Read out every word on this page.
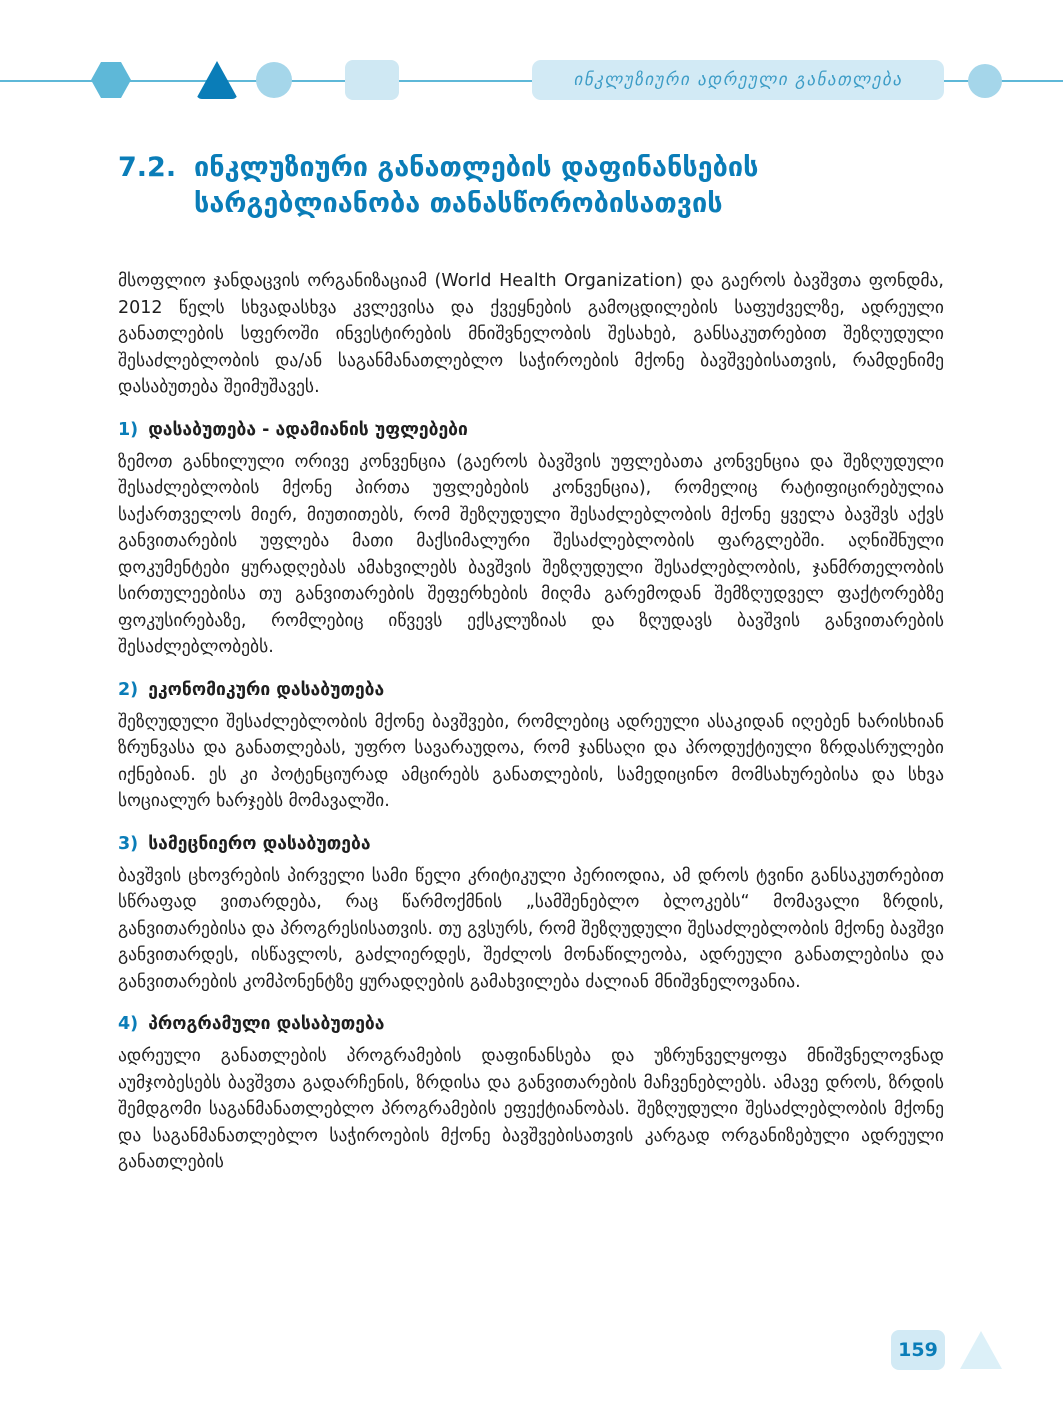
ინკლუზიური ადრეული განათლება
7.2. ინკლუზიური განათლების დაფინანსების
სარგებლიანობა თანასწორობისათვის

მსოფლიო ჯანდაცვის ორგანიზაციამ (World Health Organization) და გაეროს ბავშვთა ფონდმა, 2012 წელს სხვადასხვა კვლევისა და ქვეყნების გამოცდილების საფუძველზე, ადრეული განათლების სფეროში ინვესტირების მნიშვნელობის შესახებ, განსაკუთრებით შეზღუდული შესაძლებლობის და/ან საგანმანათლებლო საჭიროების მქონე ბავშვებისათვის, რამდენიმე დასაბუთება შეიმუშავეს.

1) დასაბუთება - ადამიანის უფლებები

ზემოთ განხილული ორივე კონვენცია (გაეროს ბავშვის უფლებათა კონვენცია და შეზღუდული შესაძლებლობის მქონე პირთა უფლებების კონვენცია), რომელიც რატიფიცირებულია საქართველოს მიერ, მიუთითებს, რომ შეზღუდული შესაძლებლობის მქონე ყველა ბავშვს აქვს განვითარების უფლება მათი მაქსიმალური შესაძლებლობის ფარგლებში. აღნიშნული დოკუმენტები ყურადღებას ამახვილებს ბავშვის შეზღუდული შესაძლებლობის, ჯანმრთელობის სირთულეებისა თუ განვითარების შეფერხების მიღმა გარემოდან შემზღუდველ ფაქტორებზე ფოკუსირებაზე, რომლებიც იწვევს ექსკლუზიას და ზღუდავს ბავშვის განვითარების შესაძლებლობებს.

2) ეკონომიკური დასაბუთება

შეზღუდული შესაძლებლობის მქონე ბავშვები, რომლებიც ადრეული ასაკიდან იღებენ ხარისხიან ზრუნვასა და განათლებას, უფრო სავარაუდოა, რომ ჯანსაღი და პროდუქტიული ზრდასრულები იქნებიან. ეს კი პოტენციურად ამცირებს განათლების, სამედიცინო მომსახურებისა და სხვა სოციალურ ხარჯებს მომავალში.

3) სამეცნიერო დასაბუთება

ბავშვის ცხოვრების პირველი სამი წელი კრიტიკული პერიოდია, ამ დროს ტვინი განსაკუთრებით სწრაფად ვითარდება, რაც წარმოქმნის „სამშენებლო ბლოკებს“ მომავალი ზრდის, განვითარებისა და პროგრესისათვის. თუ გვსურს, რომ შეზღუდული შესაძლებლობის მქონე ბავშვი განვითარდეს, ისწავლოს, გაძლიერდეს, შეძლოს მონაწილეობა, ადრეული განათლებისა და განვითარების კომპონენტზე ყურადღების გამახვილება ძალიან მნიშვნელოვანია.

4) პროგრამული დასაბუთება

ადრეული განათლების პროგრამების დაფინანსება და უზრუნველყოფა მნიშვნელოვნად აუმჯობესებს ბავშვთა გადარჩენის, ზრდისა და განვითარების მაჩვენებლებს. ამავე დროს, ზრდის შემდგომი საგანმანათლებლო პროგრამების ეფექტიანობას. შეზღუდული შესაძლებლობის მქონე და საგანმანათლებლო საჭიროების მქონე ბავშვებისათვის კარგად ორგანიზებული ადრეული განათლების

159
